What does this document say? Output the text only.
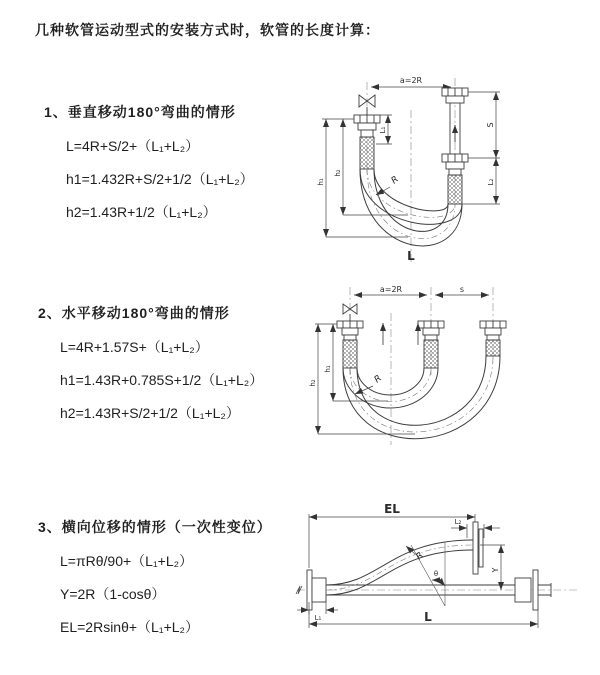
几种软管运动型式的安装方式时，软管的长度计算：

1、垂直移动180°弯曲的情形

L=4R+S/2+（L₁+L₂）

h1=1.432R+S/2+1/2（L₁+L₂）

h2=1.43R+1/2（L₁+L₂）

a=2R
L₁
S
L₂
h₁
h₂
R
L

2、水平移动180°弯曲的情形

L=4R+1.57S+（L₁+L₂）

h1=1.43R+0.785S+1/2（L₁+L₂）

h2=1.43R+S/2+1/2（L₁+L₂）

a=2R	s
h₂
h₁
R

3、横向位移的情形（一次性变位）

L=πRθ/90+（L₁+L₂）

Y=2R（1-cosθ）

EL=2Rsinθ+（L₁+L₂）

EL
L₂
Y
θ
R
L
L₁
